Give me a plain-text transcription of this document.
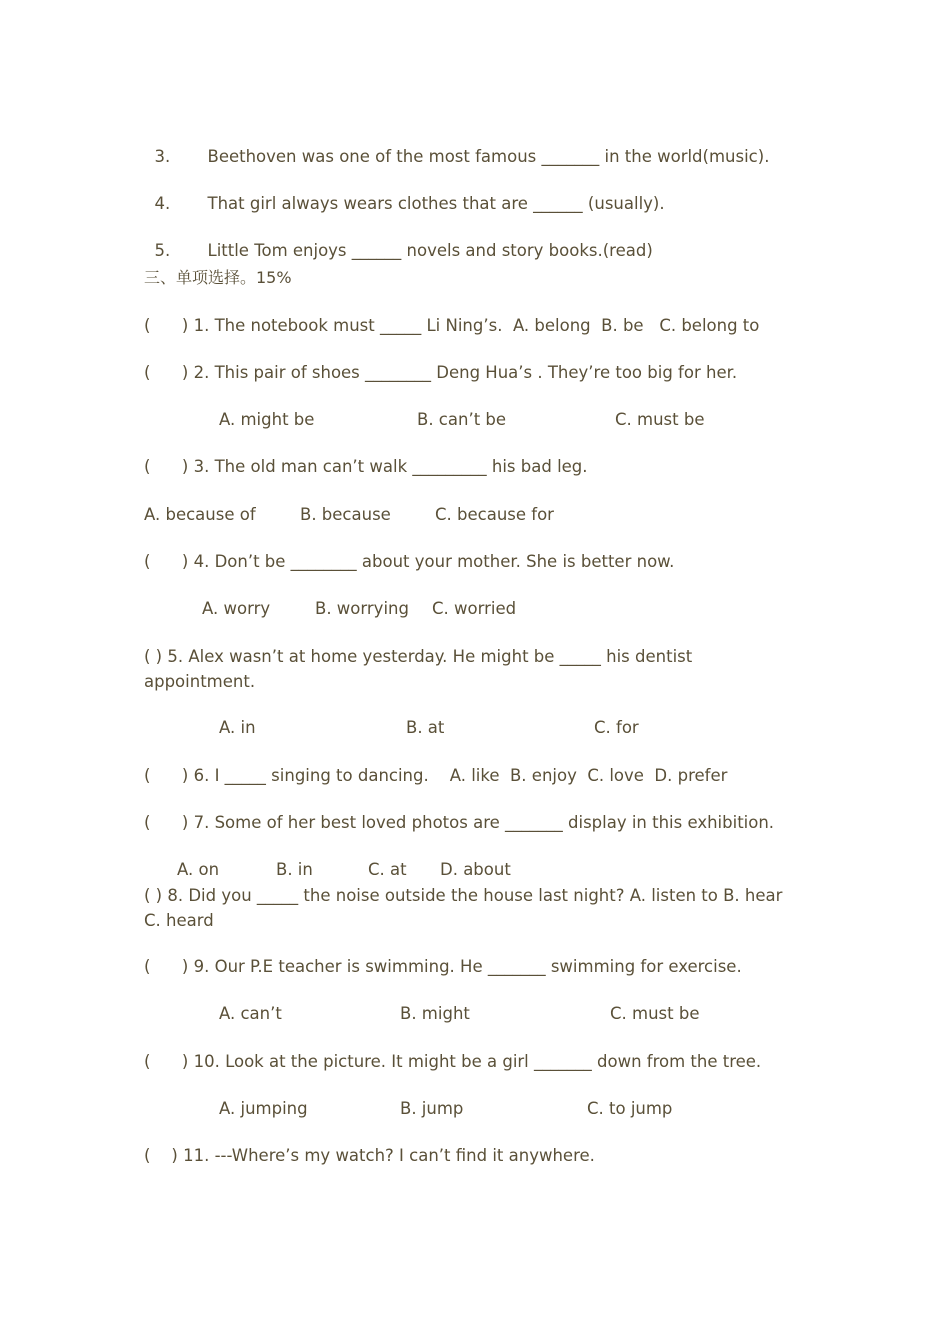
3. Beethoven was one of the most famous _______ in the world(music).

4. That girl always wears clothes that are ______ (usually).

5. Little Tom enjoys ______ novels and story books.(read)

三、单项选择。15%
(      ) 1. The notebook must _____ Li Ning’s.  A. belong  B. be   C. belong to
(      ) 2. This pair of shoes ________ Deng Hua’s . They’re too big for her.
A. might be	B. can’t be	C. must be
(      ) 3. The old man can’t walk _________ his bad leg.
A. because of	B. because	C. because for
(      ) 4. Don’t be ________ about your mother. She is better now.
A. worry	B. worrying C. worried
( ) 5. Alex wasn’t at home yesterday. He might be _____ his dentist appointment.
A. in	B. at	C. for
(      ) 6. I _____ singing to dancing.    A. like  B. enjoy  C. love  D. prefer
(      ) 7. Some of her best loved photos are _______ display in this exhibition.
A. on	B. in	C. at D. about
( ) 8. Did you _____ the noise outside the house last night? A. listen to B. hear C. heard
(      ) 9. Our P.E teacher is swimming. He _______ swimming for exercise.
A. can’t	B. might	C. must be
(      ) 10. Look at the picture. It might be a girl _______ down from the tree.
A. jumping	B. jump	C. to jump
(    ) 11. ---Where’s my watch? I can’t find it anywhere.
